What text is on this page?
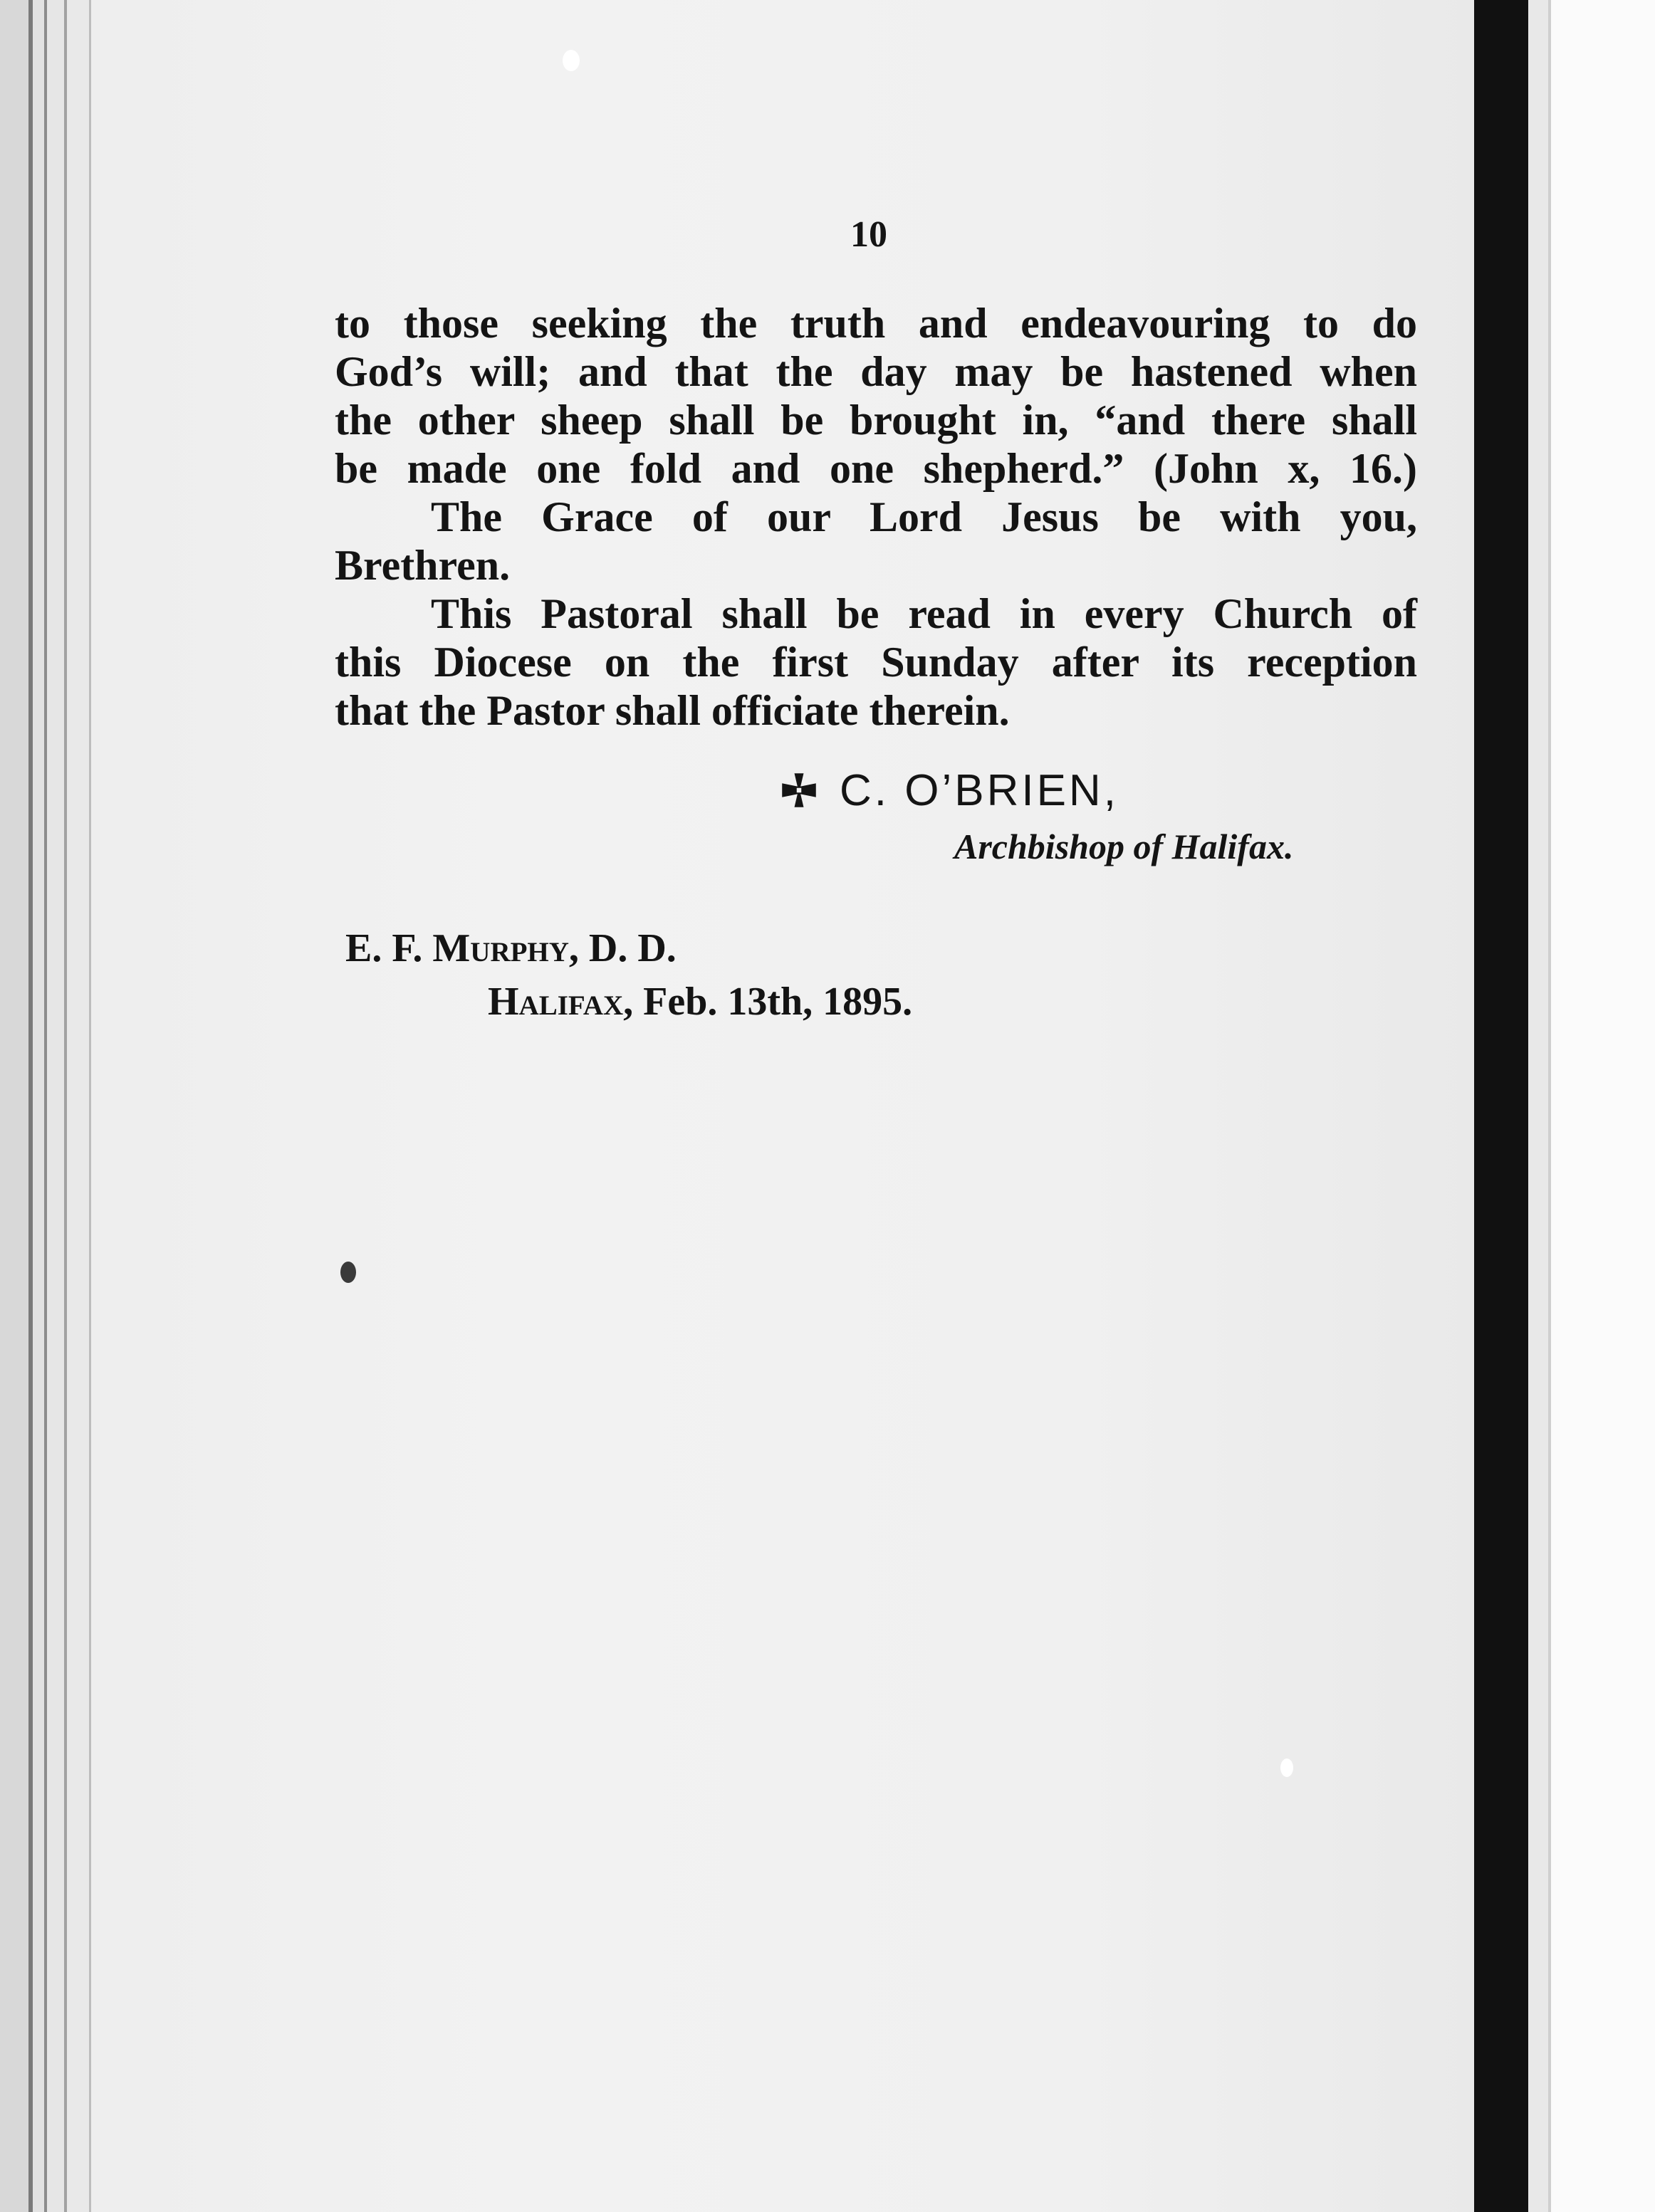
10

to those seeking the truth and endeavouring to do
God’s will; and that the day may be hastened when
the other sheep shall be brought in, “and there shall
be made one fold and one shepherd.” (John x, 16.)

The Grace of our Lord Jesus be with you,
Brethren.

This Pastoral shall be read in every Church of
this Diocese on the first Sunday after its reception
that the Pastor shall officiate therein.

C. O’BRIEN,
Archbishop of Halifax.
E. F. Murphy, D. D.
Halifax, Feb. 13th, 1895.
